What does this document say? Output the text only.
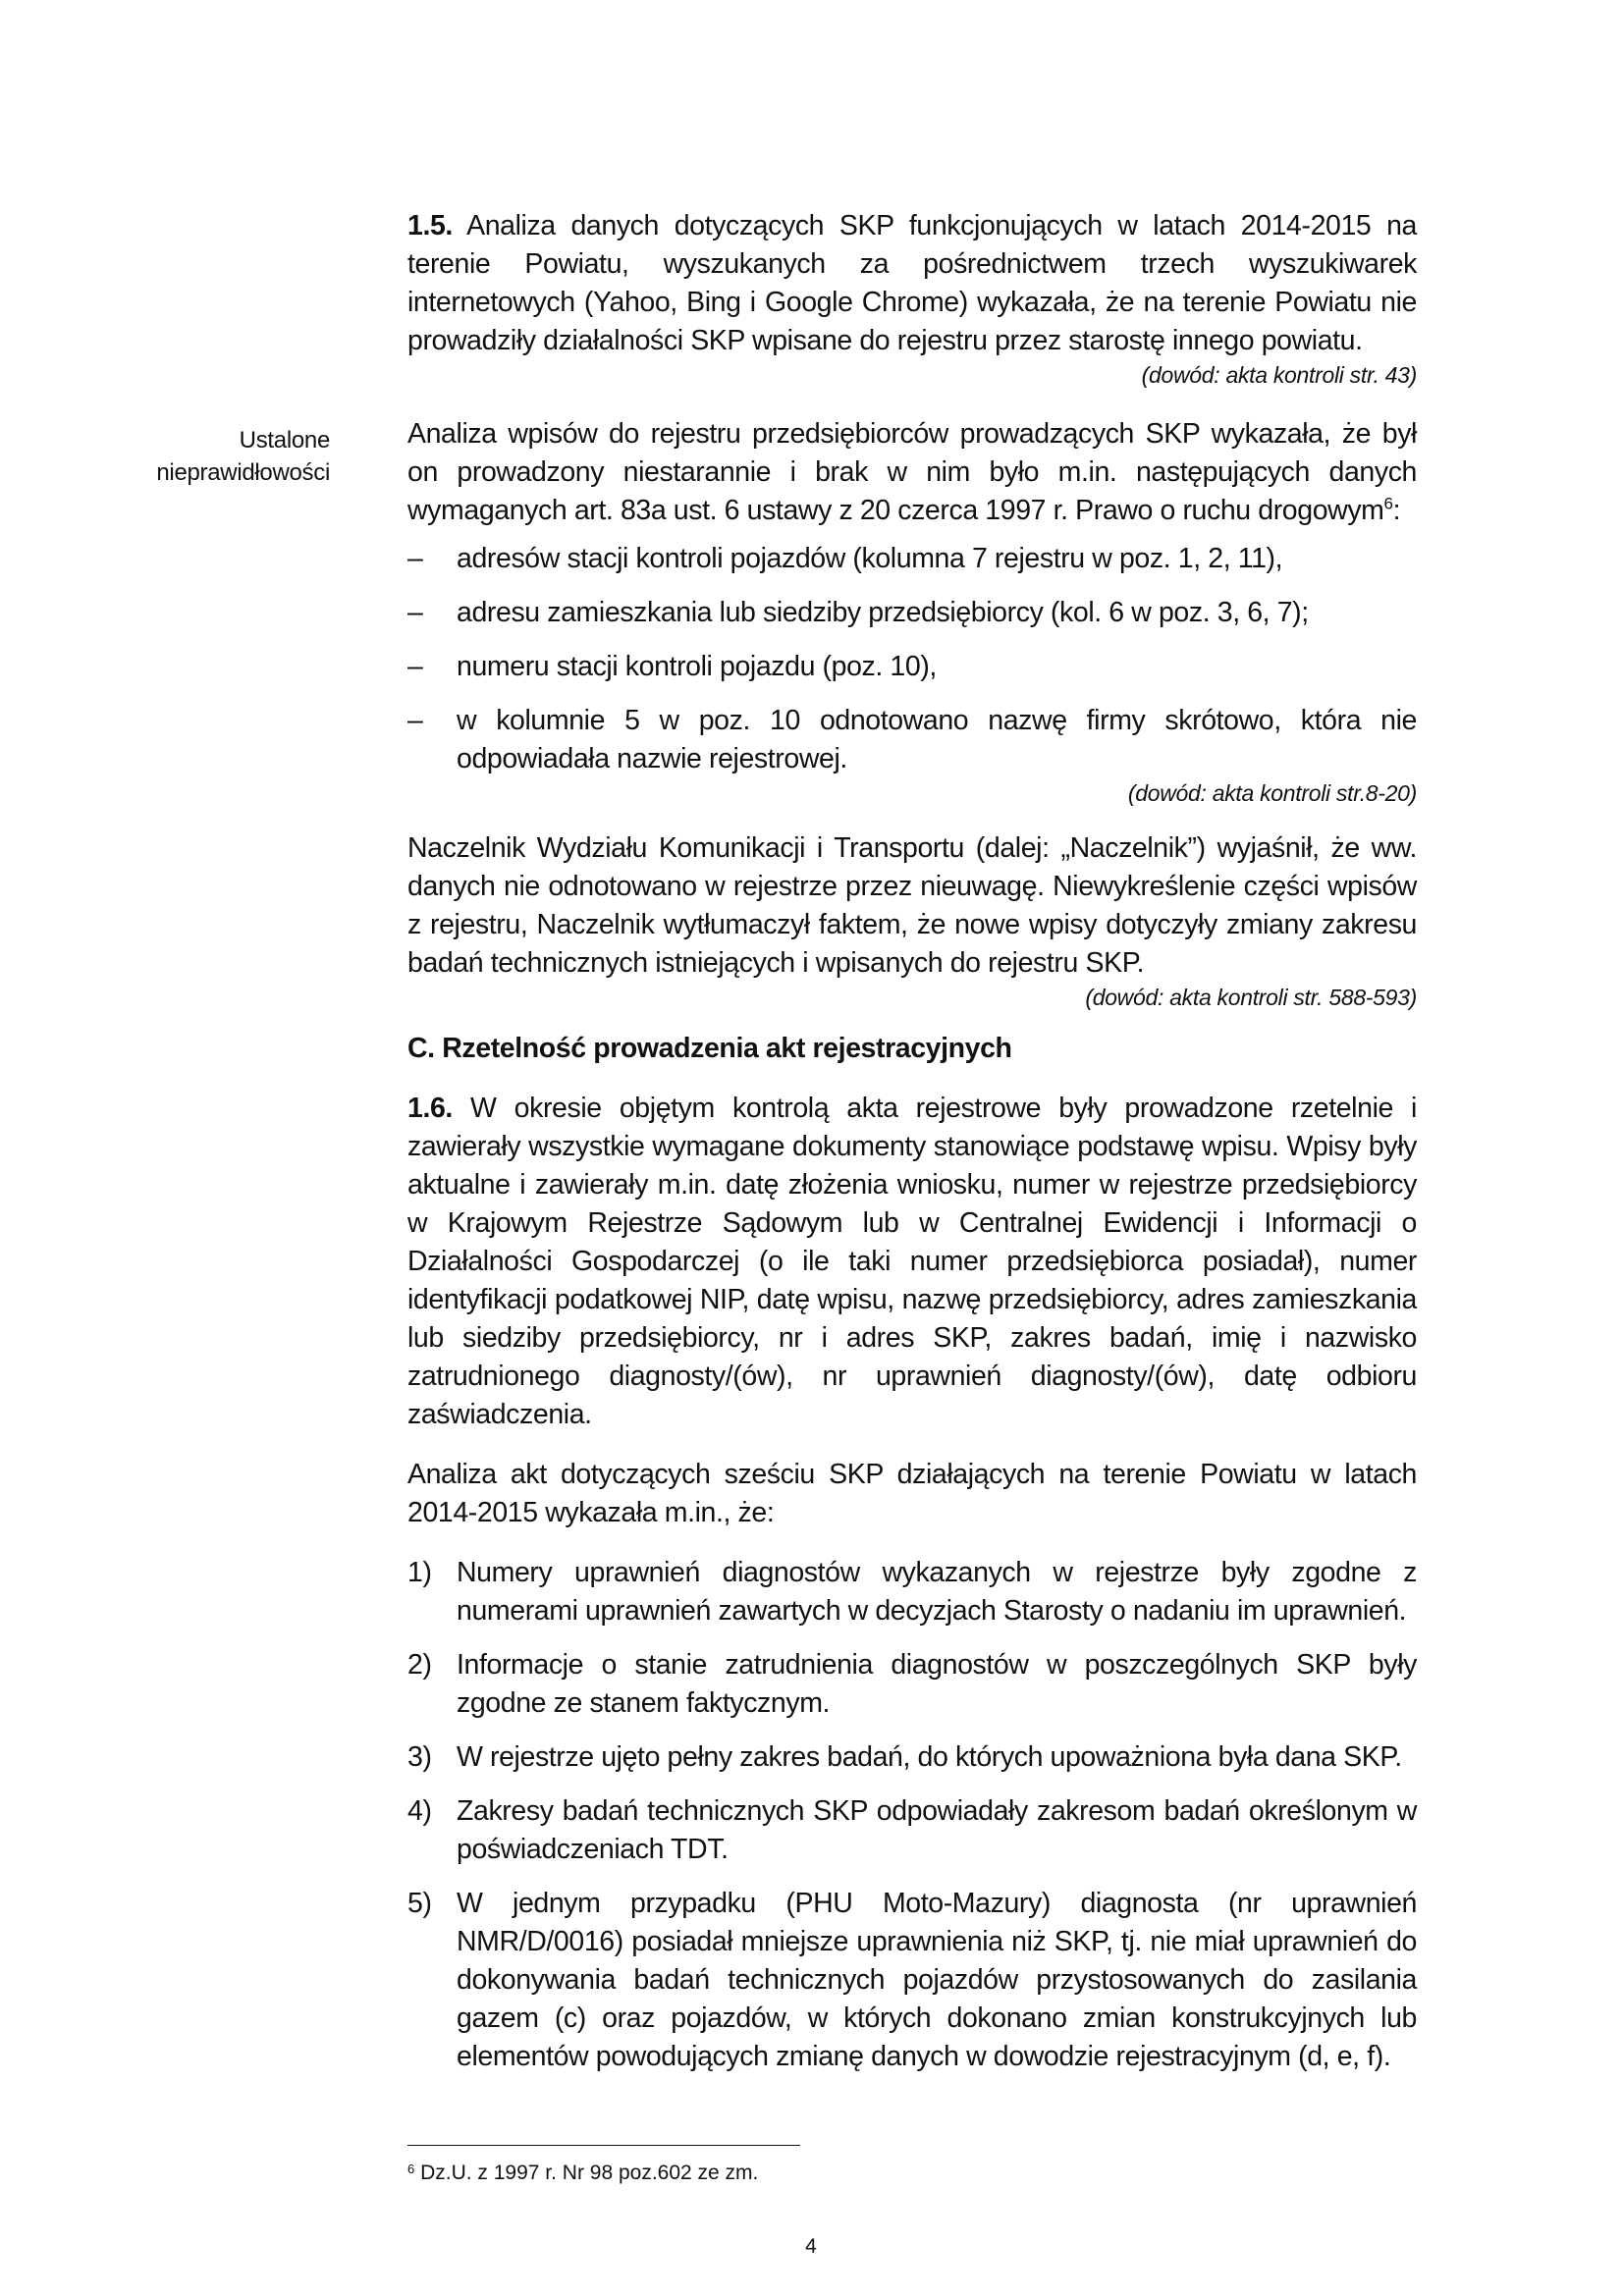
Ustalone
nieprawidłowości

1.5. Analiza danych dotyczących SKP funkcjonujących w latach 2014-2015 na terenie Powiatu, wyszukanych za pośrednictwem trzech wyszukiwarek internetowych (Yahoo, Bing i Google Chrome) wykazała, że na terenie Powiatu nie prowadziły działalności SKP wpisane do rejestru przez starostę innego powiatu.

(dowód: akta kontroli str. 43)

Analiza wpisów do rejestru przedsiębiorców prowadzących SKP wykazała, że był on prowadzony niestarannie i brak w nim było m.in. następujących danych wymaganych art. 83a ust. 6 ustawy z 20 czerca 1997 r. Prawo o ruchu drogowym$^6$:

– adresów stacji kontroli pojazdów (kolumna 7 rejestru w poz. 1, 2, 11),
– adresu zamieszkania lub siedziby przedsiębiorcy (kol. 6 w poz. 3, 6, 7);
– numeru stacji kontroli pojazdu (poz. 10),
– w kolumnie 5 w poz. 10 odnotowano nazwę firmy skrótowo, która nie odpowiadała nazwie rejestrowej.

(dowód: akta kontroli str.8-20)

Naczelnik Wydziału Komunikacji i Transportu (dalej: „Naczelnik”) wyjaśnił, że ww. danych nie odnotowano w rejestrze przez nieuwagę. Niewykreślenie części wpisów z rejestru, Naczelnik wytłumaczył faktem, że nowe wpisy dotyczyły zmiany zakresu badań technicznych istniejących i wpisanych do rejestru SKP.

(dowód: akta kontroli str. 588-593)

C. Rzetelność prowadzenia akt rejestracyjnych

1.6. W okresie objętym kontrolą akta rejestrowe były prowadzone rzetelnie i zawierały wszystkie wymagane dokumenty stanowiące podstawę wpisu. Wpisy były aktualne i zawierały m.in. datę złożenia wniosku, numer w rejestrze przedsiębiorcy w Krajowym Rejestrze Sądowym lub w Centralnej Ewidencji i Informacji o Działalności Gospodarczej (o ile taki numer przedsiębiorca posiadał), numer identyfikacji podatkowej NIP, datę wpisu, nazwę przedsiębiorcy, adres zamieszkania lub siedziby przedsiębiorcy, nr i adres SKP, zakres badań, imię i nazwisko zatrudnionego diagnosty/(ów), nr uprawnień diagnosty/(ów), datę odbioru zaświadczenia.

Analiza akt dotyczących sześciu SKP działających na terenie Powiatu w latach 2014-2015 wykazała m.in., że:

1) Numery uprawnień diagnostów wykazanych w rejestrze były zgodne z numerami uprawnień zawartych w decyzjach Starosty o nadaniu im uprawnień.
2) Informacje o stanie zatrudnienia diagnostów w poszczególnych SKP były zgodne ze stanem faktycznym.
3) W rejestrze ujęto pełny zakres badań, do których upoważniona była dana SKP.
4) Zakresy badań technicznych SKP odpowiadały zakresom badań określonym w poświadczeniach TDT.
5) W jednym przypadku (PHU Moto-Mazury) diagnosta (nr uprawnień NMR/D/0016) posiadał mniejsze uprawnienia niż SKP, tj. nie miał uprawnień do dokonywania badań technicznych pojazdów przystosowanych do zasilania gazem (c) oraz pojazdów, w których dokonano zmian konstrukcyjnych lub elementów powodujących zmianę danych w dowodzie rejestracyjnym (d, e, f).
$^6$ Dz.U. z 1997 r. Nr 98 poz.602 ze zm.
4
